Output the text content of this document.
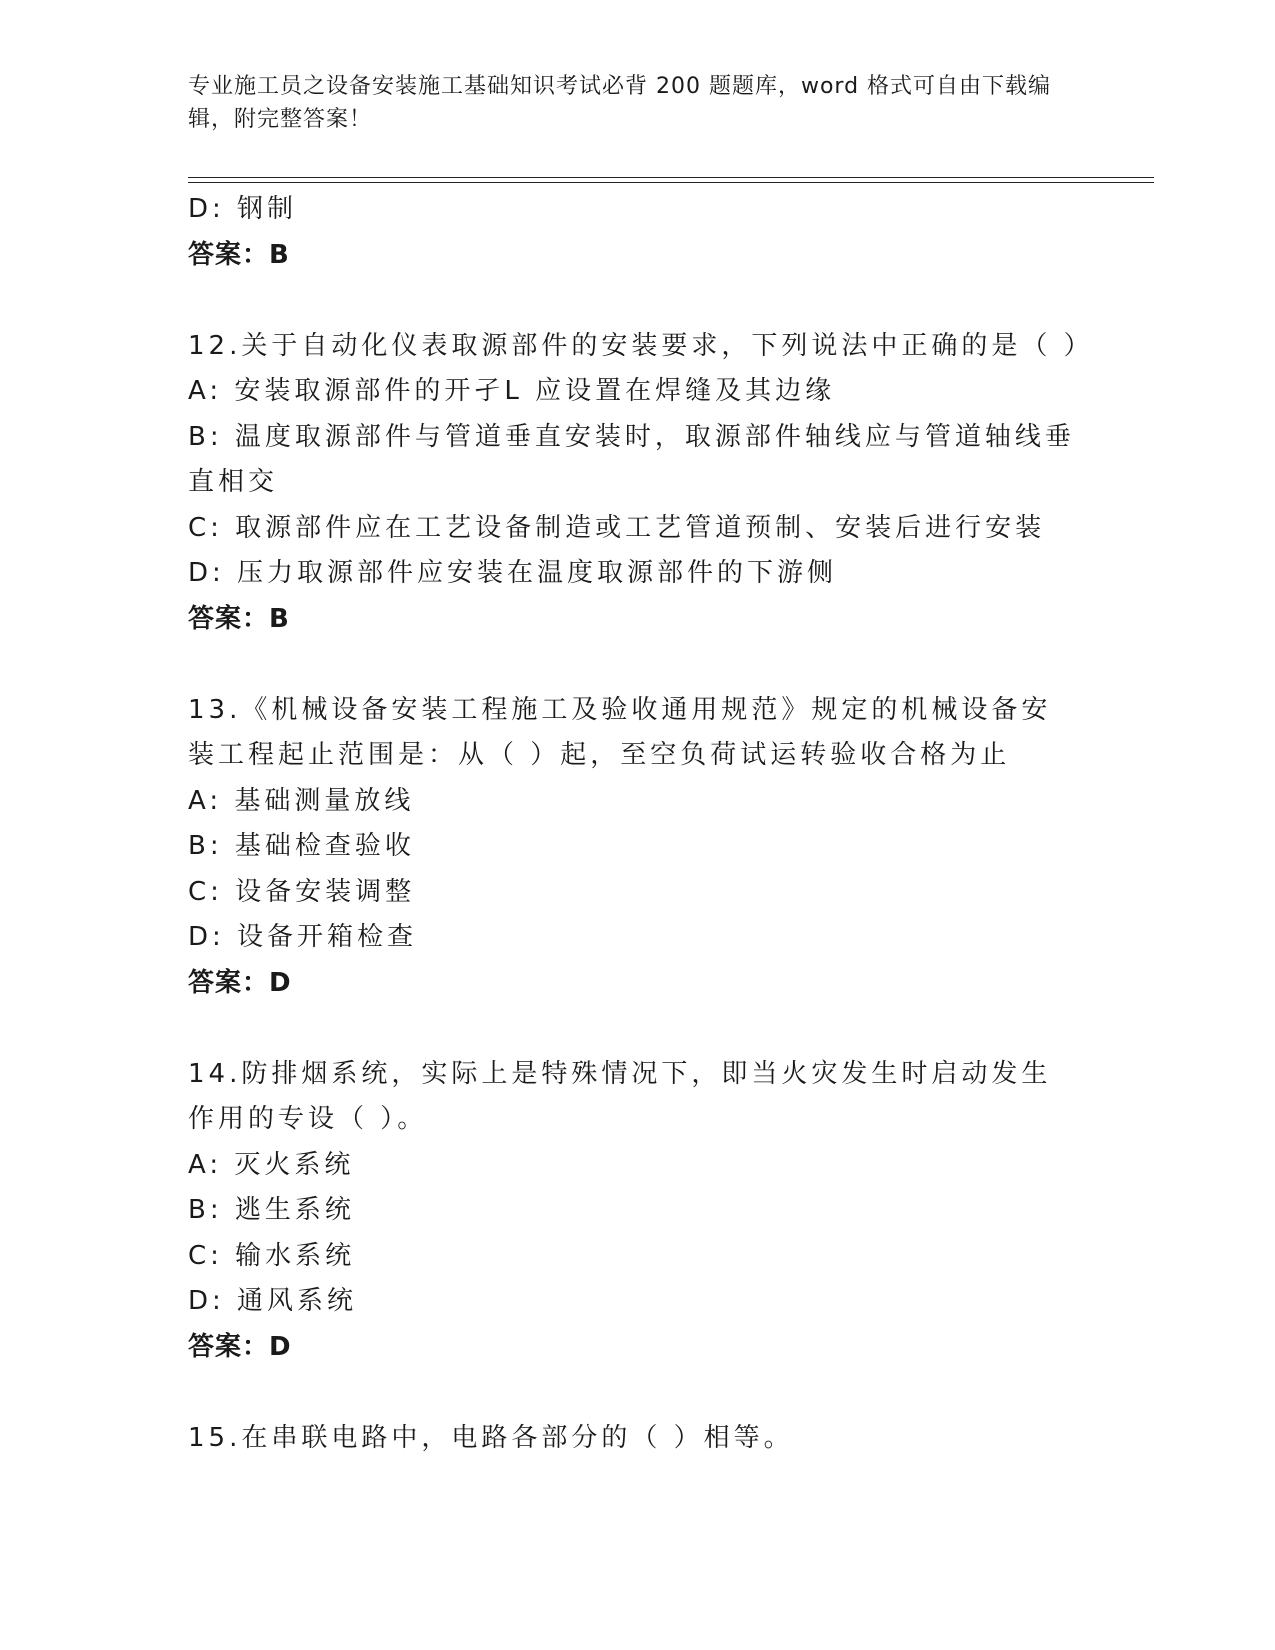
专业施工员之设备安装施工基础知识考试必背 200 题题库，word 格式可自由下载编辑，附完整答案！
D: 钢制
答案：B
12.关于自动化仪表取源部件的安装要求，下列说法中正确的是（ ）
A: 安装取源部件的开孑L 应设置在焊缝及其边缘
B: 温度取源部件与管道垂直安装时，取源部件轴线应与管道轴线垂直相交
C: 取源部件应在工艺设备制造或工艺管道预制、安装后进行安装
D: 压力取源部件应安装在温度取源部件的下游侧
答案：B
13.《机械设备安装工程施工及验收通用规范》规定的机械设备安装工程起止范围是：从（ ）起，至空负荷试运转验收合格为止
A: 基础测量放线
B: 基础检查验收
C: 设备安装调整
D: 设备开箱检查
答案：D
14.防排烟系统，实际上是特殊情况下，即当火灾发生时启动发生作用的专设（ ）。
A: 灭火系统
B: 逃生系统
C: 输水系统
D: 通风系统
答案：D
15.在串联电路中，电路各部分的（ ）相等。
